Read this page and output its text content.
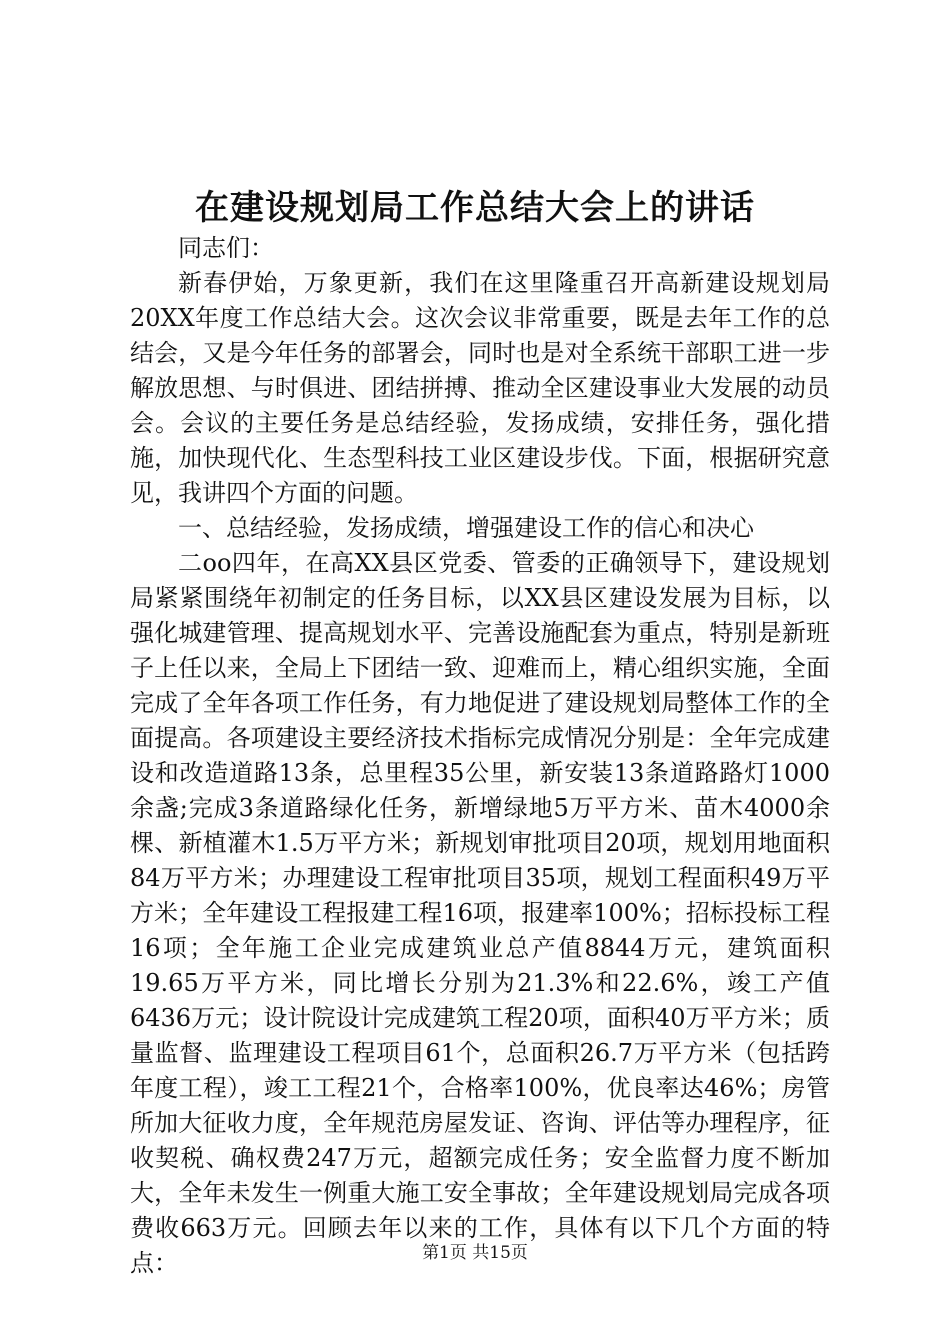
在建设规划局工作总结大会上的讲话

同志们：

新春伊始，万象更新，我们在这里隆重召开高新建设规划局20XX年度工作总结大会。这次会议非常重要，既是去年工作的总结会，又是今年任务的部署会，同时也是对全系统干部职工进一步解放思想、与时俱进、团结拼搏、推动全区建设事业大发展的动员会。会议的主要任务是总结经验，发扬成绩，安排任务，强化措施，加快现代化、生态型科技工业区建设步伐。下面，根据研究意见，我讲四个方面的问题。

一、总结经验，发扬成绩，增强建设工作的信心和决心

二oo四年，在高XX县区党委、管委的正确领导下，建设规划局紧紧围绕年初制定的任务目标，以XX县区建设发展为目标，以强化城建管理、提高规划水平、完善设施配套为重点，特别是新班子上任以来，全局上下团结一致、迎难而上，精心组织实施，全面完成了全年各项工作任务，有力地促进了建设规划局整体工作的全面提高。各项建设主要经济技术指标完成情况分别是：全年完成建设和改造道路13条，总里程35公里，新安装13条道路路灯1000余盏;完成3条道路绿化任务，新增绿地5万平方米、苗木4000余棵、新植灌木1.5万平方米；新规划审批项目20项，规划用地面积84万平方米；办理建设工程审批项目35项，规划工程面积49万平方米；全年建设工程报建工程16项，报建率100%；招标投标工程16项；全年施工企业完成建筑业总产值8844万元，建筑面积19.65万平方米，同比增长分别为21.3%和22.6%，竣工产值6436万元；设计院设计完成建筑工程20项，面积40万平方米；质量监督、监理建设工程项目61个，总面积26.7万平方米（包括跨年度工程），竣工工程21个，合格率100%，优良率达46%；房管所加大征收力度，全年规范房屋发证、咨询、评估等办理程序，征收契税、确权费247万元，超额完成任务；安全监督力度不断加大，全年未发生一例重大施工安全事故；全年建设规划局完成各项费收663万元。回顾去年以来的工作，具体有以下几个方面的特点：	第1页 共15页
